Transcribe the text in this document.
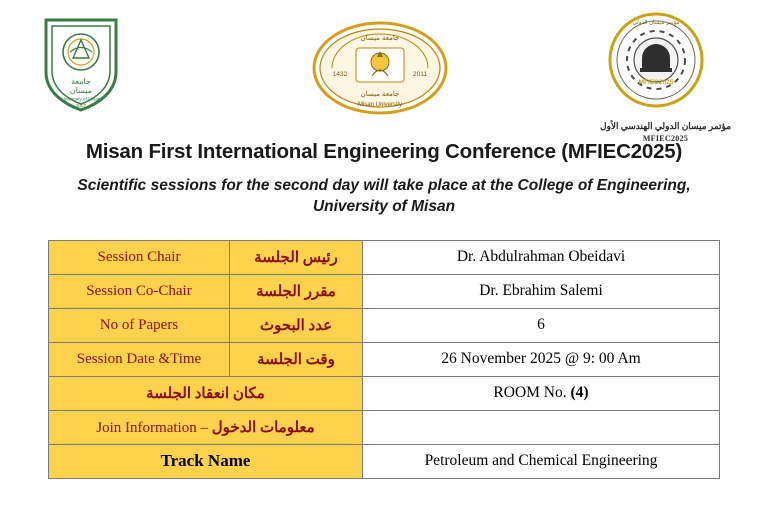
جامعة
ميسان
University of Misan
2007
جامعة ميسان
1432	2011
جامعة ميسان
Misan University
MFIEC2025
مؤتمر ميسان الدولي
مؤتمر ميسان الدولي الهندسي الأول
MFIEC2025
Misan First International Engineering Conference (MFIEC2025)
Scientific sessions for the second day will take place at the College of Engineering, University of Misan
Session Chair	رئيس الجلسة	Dr. Abdulrahman Obeidavi
Session Co-Chair	مقرر الجلسة	Dr. Ebrahim Salemi
No of Papers	عدد البحوث	6
Session Date &Time	وقت الجلسة	26 November 2025 @ 9: 00 Am
مكان انعقاد الجلسة		ROOM No. (4)
Join Information – معلومات الدخول		
Track Name		Petroleum and Chemical Engineering
